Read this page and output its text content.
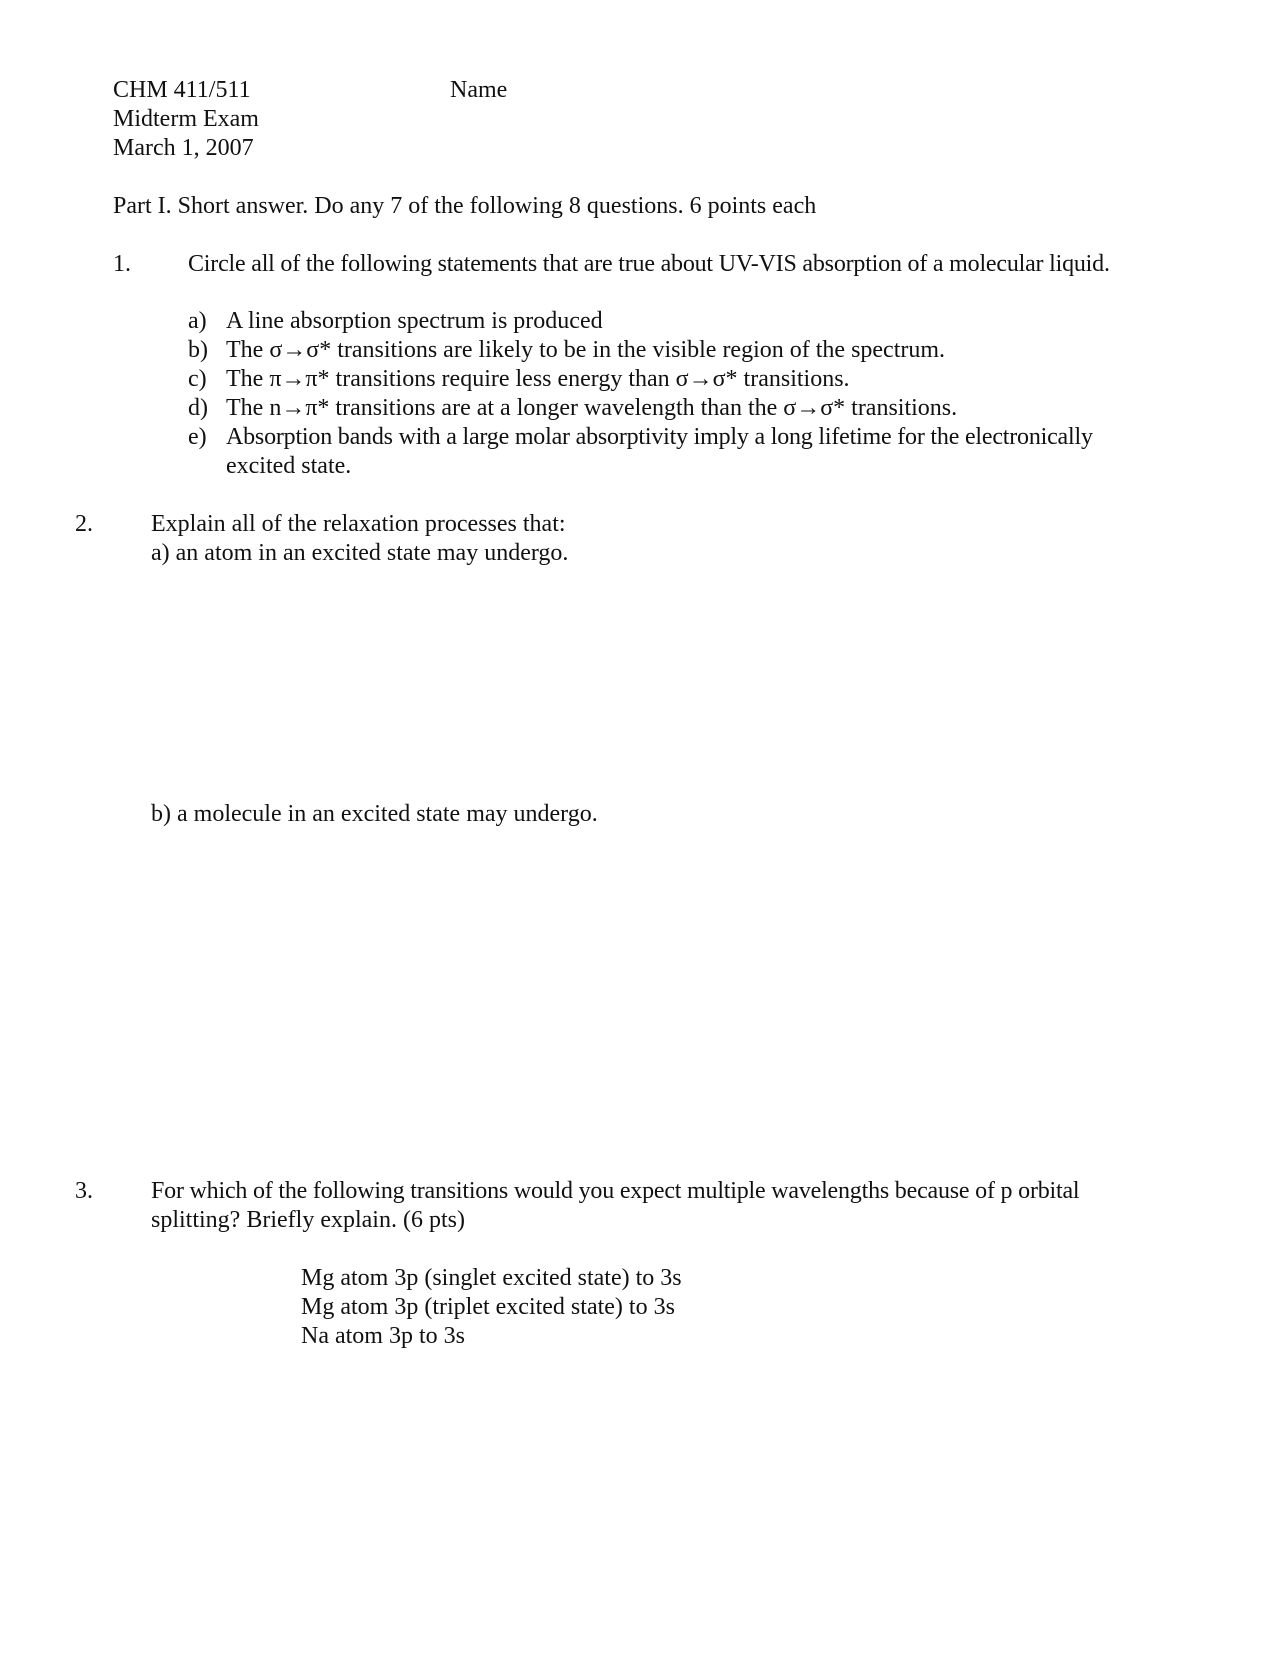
CHM 411/511
Midterm Exam
March 1, 2007
Name
Part I. Short answer. Do any 7 of the following 8 questions. 6 points each
1. Circle all of the following statements that are true about UV-VIS absorption of a molecular liquid.
a) A line absorption spectrum is produced
b) The σ→σ* transitions are likely to be in the visible region of the spectrum.
c) The π→π* transitions require less energy than σ→σ* transitions.
d) The n→π* transitions are at a longer wavelength than the σ→σ* transitions.
e) Absorption bands with a large molar absorptivity imply a long lifetime for the electronically
excited state.
2. Explain all of the relaxation processes that:
a) an atom in an excited state may undergo.
b) a molecule in an excited state may undergo.
3. For which of the following transitions would you expect multiple wavelengths because of p orbital
splitting? Briefly explain. (6 pts)
Mg atom 3p (singlet excited state) to 3s
Mg atom 3p (triplet excited state) to 3s
Na atom 3p to 3s
